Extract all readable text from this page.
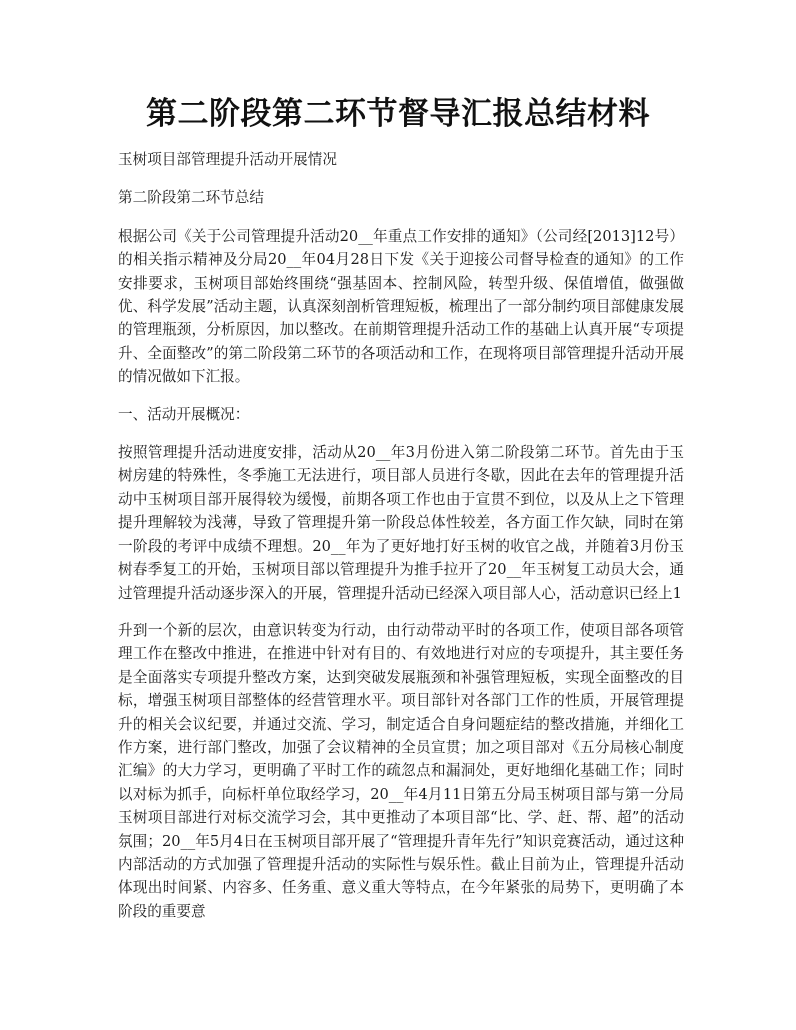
第二阶段第二环节督导汇报总结材料

玉树项目部管理提升活动开展情况

第二阶段第二环节总结

根据公司《关于公司管理提升活动20__年重点工作安排的通知》（公司经[2013]12号）的相关指示精神及分局20__年04月28日下发《关于迎接公司督导检查的通知》的工作安排要求，玉树项目部始终围绕“强基固本、控制风险，转型升级、保值增值，做强做优、科学发展”活动主题，认真深刻剖析管理短板，梳理出了一部分制约项目部健康发展的管理瓶颈，分析原因，加以整改。在前期管理提升活动工作的基础上认真开展“专项提升、全面整改”的第二阶段第二环节的各项活动和工作，在现将项目部管理提升活动开展的情况做如下汇报。

一、活动开展概况：

按照管理提升活动进度安排，活动从20__年3月份进入第二阶段第二环节。首先由于玉树房建的特殊性，冬季施工无法进行，项目部人员进行冬歇，因此在去年的管理提升活动中玉树项目部开展得较为缓慢，前期各项工作也由于宣贯不到位，以及从上之下管理提升理解较为浅薄，导致了管理提升第一阶段总体性较差，各方面工作欠缺，同时在第一阶段的考评中成绩不理想。20__年为了更好地打好玉树的收官之战，并随着3月份玉树春季复工的开始，玉树项目部以管理提升为推手拉开了20__年玉树复工动员大会，通过管理提升活动逐步深入的开展，管理提升活动已经深入项目部人心，活动意识已经上1

升到一个新的层次，由意识转变为行动，由行动带动平时的各项工作，使项目部各项管理工作在整改中推进，在推进中针对有目的、有效地进行对应的专项提升，其主要任务是全面落实专项提升整改方案，达到突破发展瓶颈和补强管理短板，实现全面整改的目标，增强玉树项目部整体的经营管理水平。项目部针对各部门工作的性质，开展管理提升的相关会议纪要，并通过交流、学习，制定适合自身问题症结的整改措施，并细化工作方案，进行部门整改，加强了会议精神的全员宣贯；加之项目部对《五分局核心制度汇编》的大力学习，更明确了平时工作的疏忽点和漏洞处，更好地细化基础工作；同时以对标为抓手，向标杆单位取经学习，20__年4月11日第五分局玉树项目部与第一分局玉树项目部进行对标交流学习会，其中更推动了本项目部“比、学、赶、帮、超”的活动氛围；20__年5月4日在玉树项目部开展了“管理提升青年先行”知识竞赛活动，通过这种内部活动的方式加强了管理提升活动的实际性与娱乐性。截止目前为止，管理提升活动体现出时间紧、内容多、任务重、意义重大等特点，在今年紧张的局势下，更明确了本阶段的重要意
